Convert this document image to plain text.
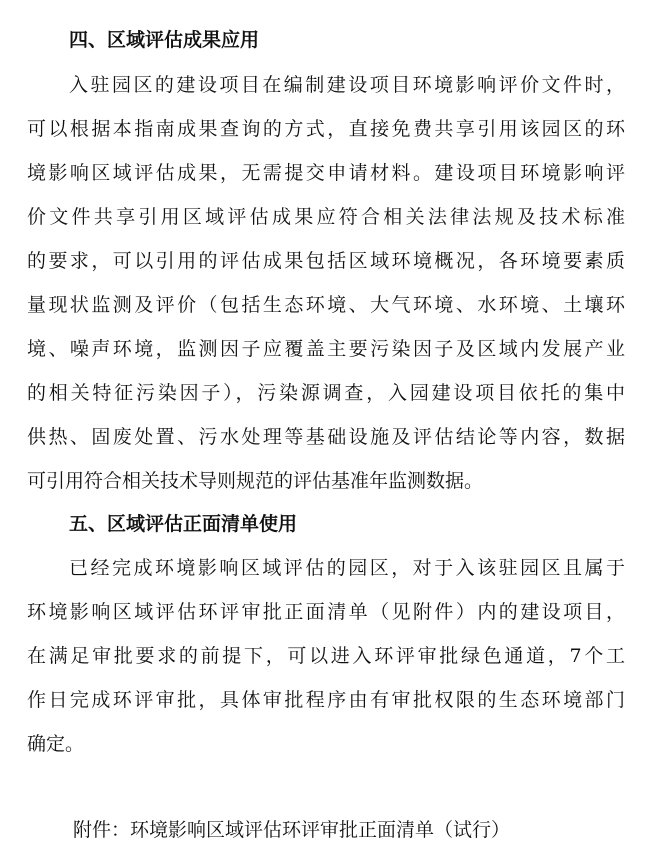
四、区域评估成果应用
入驻园区的建设项目在编制建设项目环境影响评价文件时，
可以根据本指南成果查询的方式，直接免费共享引用该园区的环
境影响区域评估成果，无需提交申请材料。建设项目环境影响评
价文件共享引用区域评估成果应符合相关法律法规及技术标准
的要求，可以引用的评估成果包括区域环境概况，各环境要素质
量现状监测及评价（包括生态环境、大气环境、水环境、土壤环
境、噪声环境，监测因子应覆盖主要污染因子及区域内发展产业
的相关特征污染因子），污染源调查，入园建设项目依托的集中
供热、固废处置、污水处理等基础设施及评估结论等内容，数据
可引用符合相关技术导则规范的评估基准年监测数据。
五、区域评估正面清单使用
已经完成环境影响区域评估的园区，对于入该驻园区且属于
环境影响区域评估环评审批正面清单（见附件）内的建设项目，
在满足审批要求的前提下，可以进入环评审批绿色通道，7个工
作日完成环评审批，具体审批程序由有审批权限的生态环境部门
确定。
附件：环境影响区域评估环评审批正面清单（试行）
